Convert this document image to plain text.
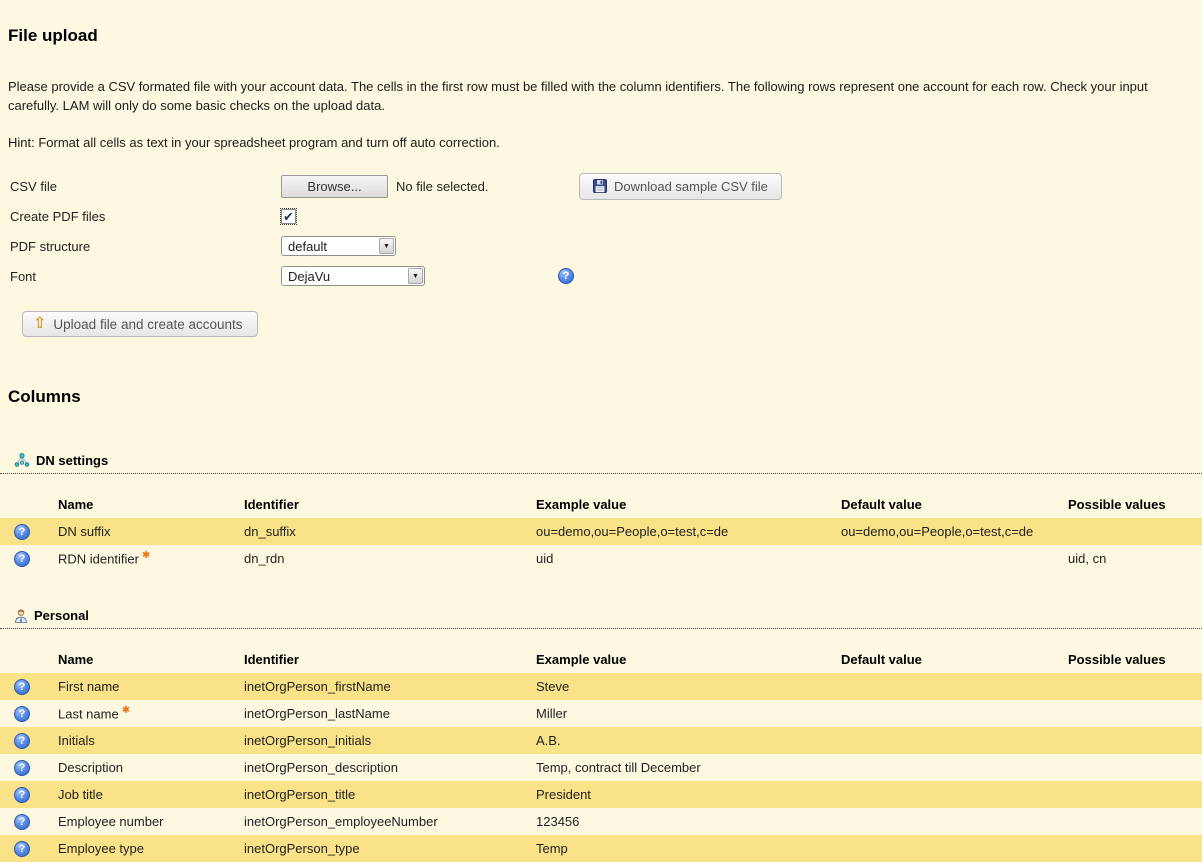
File upload

Please provide a CSV formated file with your account data. The cells in the first row must be filled with the column identifiers. The following rows represent one account for each row. Check your input carefully. LAM will only do some basic checks on the upload data.

Hint: Format all cells as text in your spreadsheet program and turn off auto correction.

CSV file	Browse...	No file selected.	Download sample CSV file
Create PDF files	✔
PDF structure	default	▼
Font	DejaVu	▼	?
⇧ Upload file and create accounts
Columns
DN settings
	Name	Identifier	Example value	Default value	Possible values
?	DN suffix	dn_suffix	ou=demo,ou=People,o=test,c=de	ou=demo,ou=People,o=test,c=de	
?	RDN identifier ✱	dn_rdn	uid		uid, cn
Personal
	Name	Identifier	Example value	Default value	Possible values
?	First name	inetOrgPerson_firstName	Steve		
?	Last name ✱	inetOrgPerson_lastName	Miller		
?	Initials	inetOrgPerson_initials	A.B.		
?	Description	inetOrgPerson_description	Temp, contract till December		
?	Job title	inetOrgPerson_title	President		
?	Employee number	inetOrgPerson_employeeNumber	123456		
?	Employee type	inetOrgPerson_type	Temp		
